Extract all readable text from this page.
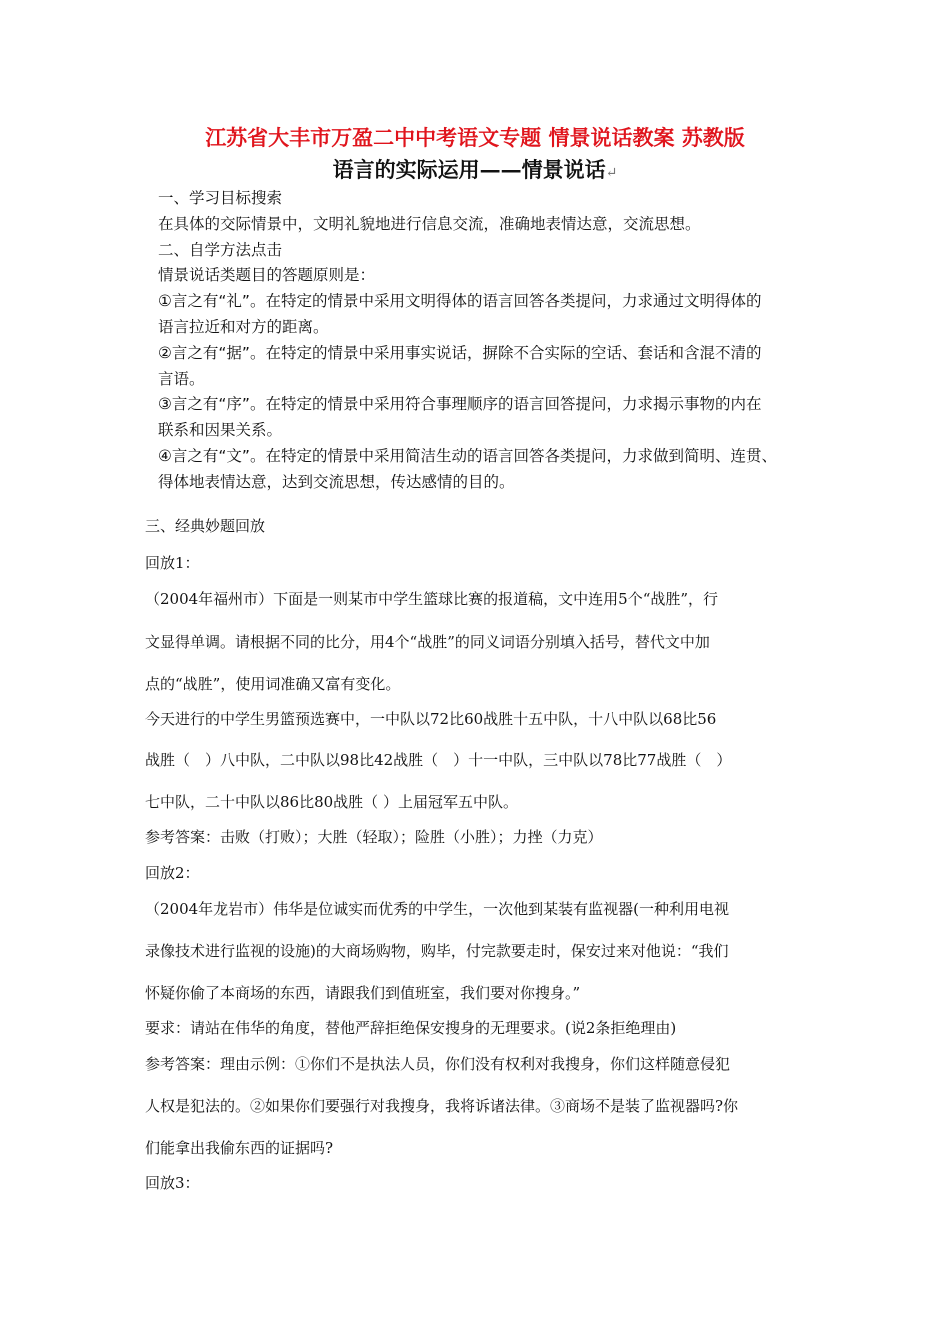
江苏省大丰市万盈二中中考语文专题 情景说话教案 苏教版
语言的实际运用——情景说话↵

一、学习目标搜索

在具体的交际情景中，文明礼貌地进行信息交流，准确地表情达意，交流思想。

二、自学方法点击

情景说话类题目的答题原则是：

①言之有“礼”。在特定的情景中采用文明得体的语言回答各类提问，力求通过文明得体的

语言拉近和对方的距离。

②言之有“据”。在特定的情景中采用事实说话，摒除不合实际的空话、套话和含混不清的

言语。

③言之有“序”。在特定的情景中采用符合事理顺序的语言回答提问，力求揭示事物的内在

联系和因果关系。

④言之有“文”。在特定的情景中采用简洁生动的语言回答各类提问，力求做到简明、连贯、

得体地表情达意，达到交流思想，传达感情的目的。

三、经典妙题回放

回放1：

（2004年福州市）下面是一则某市中学生篮球比赛的报道稿，文中连用5个“战胜”，行

文显得单调。请根据不同的比分，用4个“战胜”的同义词语分别填入括号，替代文中加

点的“战胜”，使用词准确又富有变化。

今天进行的中学生男篮预选赛中，一中队以72比60战胜十五中队，十八中队以68比56

战胜（　）八中队，二中队以98比42战胜（　）十一中队，三中队以78比77战胜（　）

七中队，二十中队以86比80战胜（ ）上届冠军五中队。

参考答案：击败（打败）；大胜（轻取）；险胜（小胜）；力挫（力克）

回放2：

（2004年龙岩市）伟华是位诚实而优秀的中学生，一次他到某装有监视器(一种利用电视

录像技术进行监视的设施)的大商场购物，购毕，付完款要走时，保安过来对他说：“我们

怀疑你偷了本商场的东西，请跟我们到值班室，我们要对你搜身。”

要求：请站在伟华的角度，替他严辞拒绝保安搜身的无理要求。(说2条拒绝理由)

参考答案：理由示例：①你们不是执法人员，你们没有权利对我搜身，你们这样随意侵犯

人权是犯法的。②如果你们要强行对我搜身，我将诉诸法律。③商场不是装了监视器吗?你

们能拿出我偷东西的证据吗?

回放3：
